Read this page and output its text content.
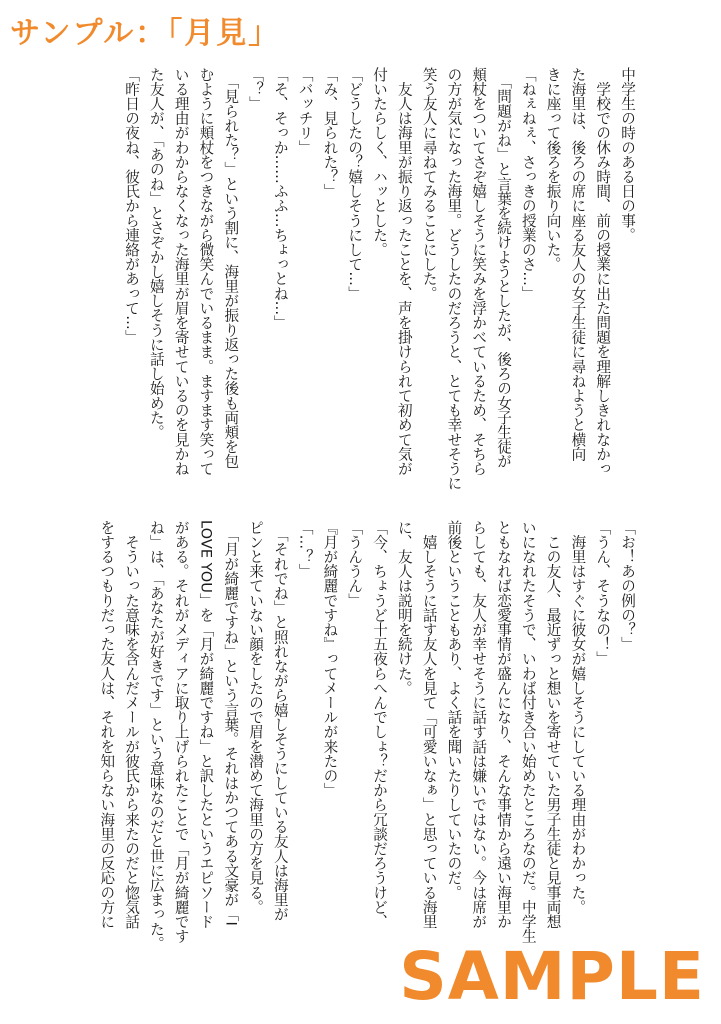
サンプル：「月見」

中学生の時のある日の事。

　学校での休み時間、前の授業に出た問題を理解しきれなかっ

た海里は、後ろの席に座る友人の女子生徒に尋ねようと横向

きに座って後ろを振り向いた。

「ねぇねぇ、さっきの授業のさ…」

　「問題がね」と言葉を続けようとしたが、後ろの女子生徒が

頬杖をついてさぞ嬉しそうに笑みを浮かべているため、そちら

の方が気になった海里。どうしたのだろうと、とても幸せそうに

笑う友人に尋ねてみることにした。

　友人は海里が振り返ったことを、声を掛けられて初めて気が

付いたらしく、ハッとした。

「どうしたの？嬉しそうにして…」

「み、見られた？」

「バッチリ」

「そ、そっか……ふふ…ちょっとね…」

「？」

　「見られた？」という割に、海里が振り返った後も両頬を包

むように頬杖をつきながら微笑んでいるまま。ますます笑って

いる理由がわからなくなった海里が眉を寄せているのを見かね

た友人が、「あのね」とさぞかし嬉しそうに話し始めた。

「昨日の夜ね、彼氏から連絡があって…」

「お！あの例の？」

「うん、そうなの！」

　海里はすぐに彼女が嬉しそうにしている理由がわかった。

　この友人、最近ずっと想いを寄せていた男子生徒と見事両想

いになれたそうで、いわば付き合い始めたところなのだ。中学生

ともなれば恋愛事情が盛んになり、そんな事情から遠い海里か

らしても、友人が幸せそうに話す話は嫌いではない。今は席が

前後ということもあり、よく話を聞いたりしていたのだ。

　嬉しそうに話す友人を見て「可愛いなぁ」と思っている海里

に、友人は説明を続けた。

「今、ちょうど十五夜らへんでしょ？だから冗談だろうけど、

「うんうん」

『月が綺麗ですね』ってメールが来たの」

「…？」

　「それでね」と照れながら嬉しそうにしている友人は海里が

ピンと来ていない顔をしたので眉を潜めて海里の方を見る。

　「月が綺麗ですね」という言葉。それはかつてある文豪が「I

LOVE YOU」を「月が綺麗ですね」と訳したというエピソード

がある。それがメディアに取り上げられたことで「月が綺麗です

ね」は、「あなたが好きです」という意味なのだと世に広まった。

　そういった意味を含んだメールが彼氏から来たのだと惚気話

をするつもりだった友人は、それを知らない海里の反応の方に

SAMPLE
